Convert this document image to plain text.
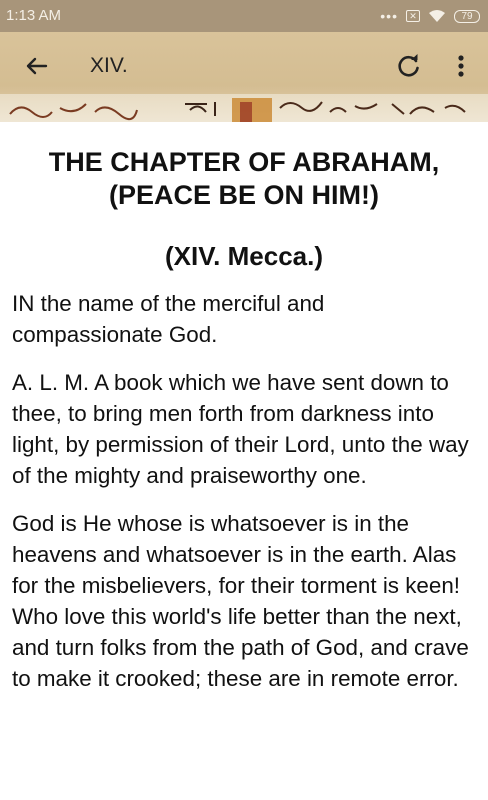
1:13 AM	•••	✕	79
XIV.
THE CHAPTER OF ABRAHAM, (PEACE BE ON HIM!)
(XIV. Mecca.)

IN the name of the merciful and compassionate God.

A. L. M. A book which we have sent down to thee, to bring men forth from darkness into light, by permission of their Lord, unto the way of the mighty and praiseworthy one.

God is He whose is whatsoever is in the heavens and whatsoever is in the earth. Alas for the misbelievers, for their torment is keen! Who love this world's life better than the next, and turn folks from the path of God, and crave to make it crooked; these are in remote error.
